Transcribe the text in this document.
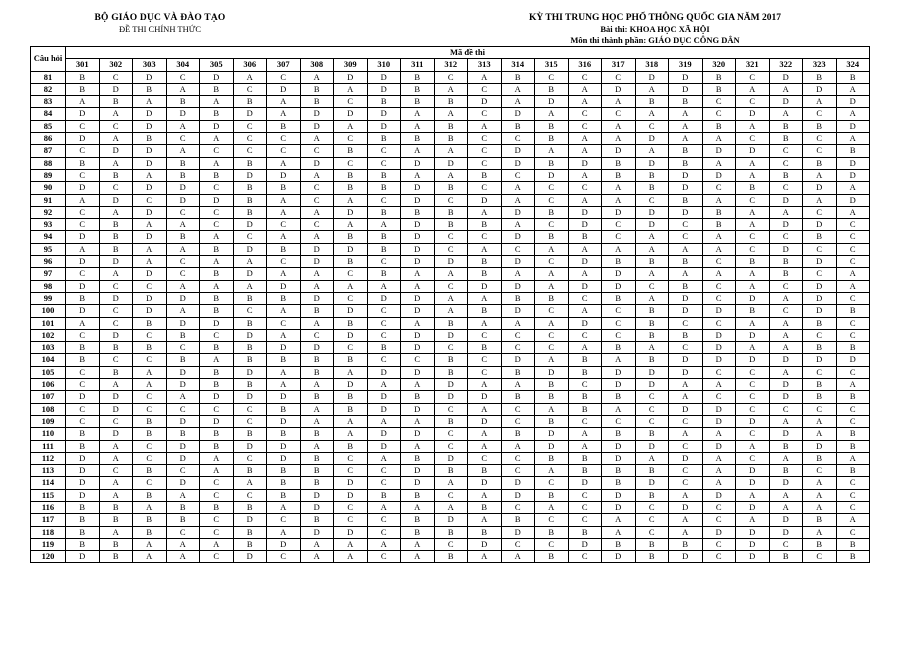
BỘ GIÁO DỤC VÀ ĐÀO TẠO
ĐỀ THI CHÍNH THỨC
KỲ THI TRUNG HỌC PHỔ THÔNG QUỐC GIA NĂM 2017
Bài thi: KHOA HỌC XÃ HỘI
Môn thi thành phần: GIÁO DỤC CÔNG DÂN
Câu hỏi	Mã đề thi																							
	301	302	303	304	305	306	307	308	309	310	311	312	313	314	315	316	317	318	319	320	321	322	323	324
81	B	C	D	C	D	A	C	A	D	D	B	C	A	B	C	C	C	D	D	B	C	D	B	B
82	B	D	B	A	B	C	D	B	A	D	B	A	C	A	B	A	D	A	D	B	A	A	D	A
83	A	B	A	B	A	B	A	B	C	B	B	B	D	A	D	A	A	B	B	C	C	D	A	D
84	D	A	D	D	B	D	A	D	D	D	A	A	C	D	A	C	C	A	A	C	D	A	C	A
85	C	C	D	A	D	C	B	D	A	D	A	B	A	B	B	C	A	C	A	B	A	B	B	D
86	D	A	B	C	A	C	C	A	C	B	B	B	C	C	B	A	A	D	A	A	C	B	C	A
87	C	D	D	A	C	C	C	C	B	C	A	A	C	D	A	A	D	A	B	D	D	C	C	B
88	B	A	D	B	A	B	A	D	C	C	D	D	C	D	B	D	B	D	B	A	A	C	B	D
89	C	B	A	B	B	D	D	A	B	B	A	A	B	C	D	A	B	B	D	D	A	B	A	D
90	D	C	D	D	C	B	B	C	B	B	D	B	C	A	C	C	A	B	D	C	B	C	D	A
91	A	D	C	D	D	B	A	C	A	C	D	C	D	A	C	A	A	C	B	A	C	D	A	D
92	C	A	D	C	C	B	A	A	D	B	B	B	A	D	B	D	D	D	D	B	A	A	C	A
93	C	B	A	A	C	D	C	C	A	A	D	B	B	A	C	D	C	D	C	B	A	D	D	C
94	D	B	D	B	A	C	A	A	B	B	D	C	C	D	B	B	C	A	C	A	C	C	B	C
95	A	B	A	A	B	D	B	D	D	B	D	C	A	C	A	A	A	A	A	A	C	D	C	C
96	D	D	A	C	A	A	C	D	B	C	D	D	B	D	C	D	B	B	B	C	B	B	D	C
97	C	A	D	C	B	D	A	A	C	B	A	A	B	A	A	A	D	A	A	A	A	B	C	A
98	D	C	C	A	A	A	D	A	A	A	A	C	D	D	A	D	D	C	B	C	A	C	D	A
99	B	D	D	D	B	B	B	D	C	D	D	A	A	B	B	C	B	A	D	C	D	A	D	C
100	D	C	D	A	B	C	A	B	D	C	D	A	B	D	C	A	C	B	D	D	B	C	D	B
101	A	C	B	D	D	B	C	A	B	C	A	B	A	A	A	D	C	B	C	C	A	A	B	C
102	C	D	C	B	C	D	A	C	D	C	D	D	C	C	C	C	C	B	B	D	D	A	C	C
103	B	B	B	C	B	B	D	D	C	B	D	C	B	C	C	A	B	A	C	D	A	A	B	B
104	B	C	C	B	A	B	B	B	B	C	C	B	C	D	A	B	A	B	D	D	D	D	D	D
105	C	B	A	D	B	D	A	B	A	D	D	B	C	B	D	B	D	D	D	C	C	A	C	C
106	C	A	A	D	B	B	A	A	D	A	A	D	A	A	B	C	D	D	A	A	C	D	B	A
107	D	D	C	A	D	D	D	B	B	D	B	D	D	B	B	B	B	C	A	C	C	D	B	B
108	C	D	C	C	C	C	B	A	B	D	D	C	A	C	A	B	A	C	D	D	C	C	C	C
109	C	C	B	D	D	C	D	A	A	A	A	B	D	C	B	C	C	C	C	D	D	A	A	C
110	B	D	B	B	B	B	B	B	A	D	D	C	A	B	D	A	B	B	A	A	C	D	A	B
111	B	A	C	D	B	D	D	A	B	D	A	C	A	A	D	A	D	D	C	D	A	B	D	B
112	D	A	C	D	A	C	D	B	C	A	B	D	C	C	B	B	D	A	D	A	C	A	B	A
113	D	C	B	C	A	B	B	B	C	C	D	B	B	C	A	B	B	B	C	A	D	B	C	B
114	D	A	C	D	C	A	B	B	D	C	D	A	D	D	C	D	B	D	C	A	D	D	A	C
115	D	A	B	A	C	C	B	D	D	B	B	C	A	D	B	C	D	B	A	D	A	A	A	C
116	B	B	A	B	B	B	A	D	C	A	A	A	B	C	A	C	D	C	D	C	D	A	A	C
117	B	B	B	B	C	D	C	B	C	C	B	D	A	B	C	C	A	C	A	C	A	D	B	A
118	B	A	B	C	C	B	A	D	D	C	B	B	B	D	B	B	A	C	A	D	D	D	A	C
119	B	B	A	A	A	B	D	A	A	A	A	C	D	C	C	D	B	B	B	C	D	C	B	B
120	D	B	A	A	C	D	C	A	A	C	A	B	A	A	B	C	D	B	D	C	D	B	C	B
